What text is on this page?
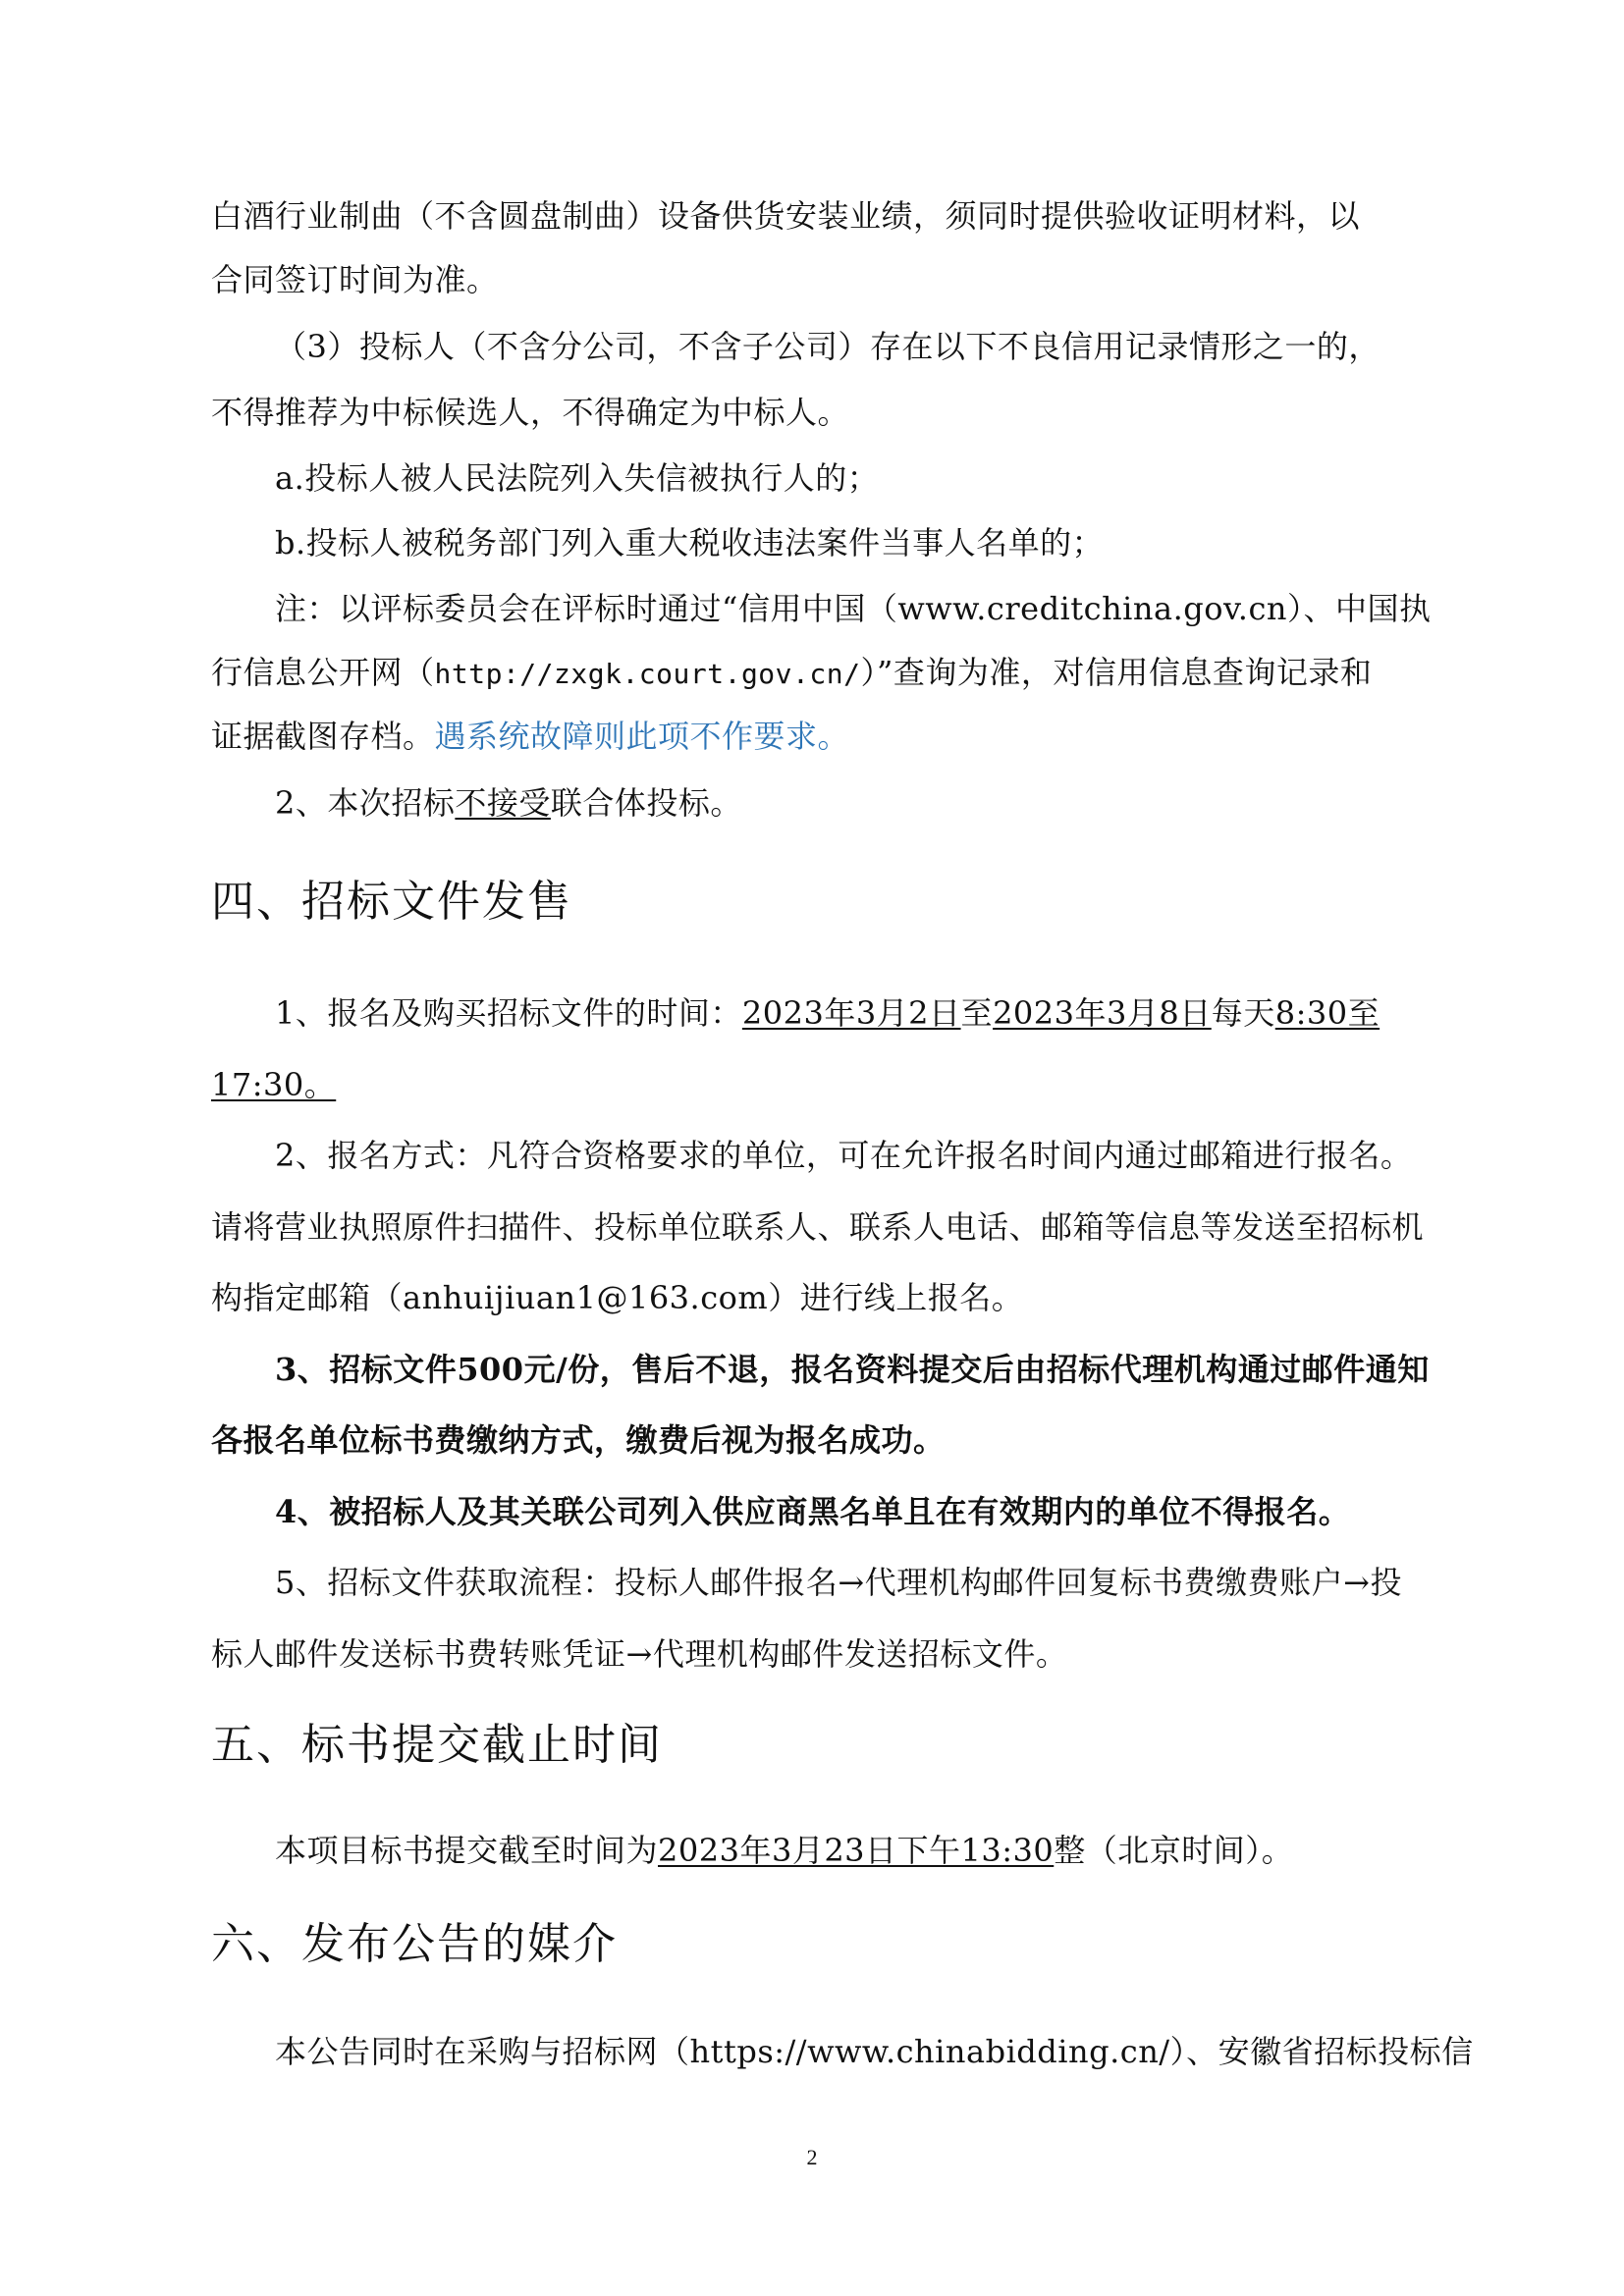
白酒行业制曲（不含圆盘制曲）设备供货安装业绩，须同时提供验收证明材料，以
合同签订时间为准。
（3）投标人（不含分公司，不含子公司）存在以下不良信用记录情形之一的，
不得推荐为中标候选人，不得确定为中标人。
a.投标人被人民法院列入失信被执行人的；
b.投标人被税务部门列入重大税收违法案件当事人名单的；
注：以评标委员会在评标时通过“信用中国（www.creditchina.gov.cn）、中国执
行信息公开网（http://zxgk.court.gov.cn/）”查询为准，对信用信息查询记录和
证据截图存档。遇系统故障则此项不作要求。
2、本次招标不接受联合体投标。
四、招标文件发售
1、报名及购买招标文件的时间：2023年3月2日至2023年3月8日每天8:30至
17:30。
2、报名方式：凡符合资格要求的单位，可在允许报名时间内通过邮箱进行报名。
请将营业执照原件扫描件、投标单位联系人、联系人电话、邮箱等信息等发送至招标机
构指定邮箱（anhuijiuan1@163.com）进行线上报名。
3、招标文件500元/份，售后不退，报名资料提交后由招标代理机构通过邮件通知
各报名单位标书费缴纳方式，缴费后视为报名成功。
4、被招标人及其关联公司列入供应商黑名单且在有效期内的单位不得报名。
5、招标文件获取流程：投标人邮件报名→代理机构邮件回复标书费缴费账户→投
标人邮件发送标书费转账凭证→代理机构邮件发送招标文件。
五、标书提交截止时间
本项目标书提交截至时间为2023年3月23日下午13:30整（北京时间）。
六、发布公告的媒介
本公告同时在采购与招标网（https://www.chinabidding.cn/）、安徽省招标投标信
2
